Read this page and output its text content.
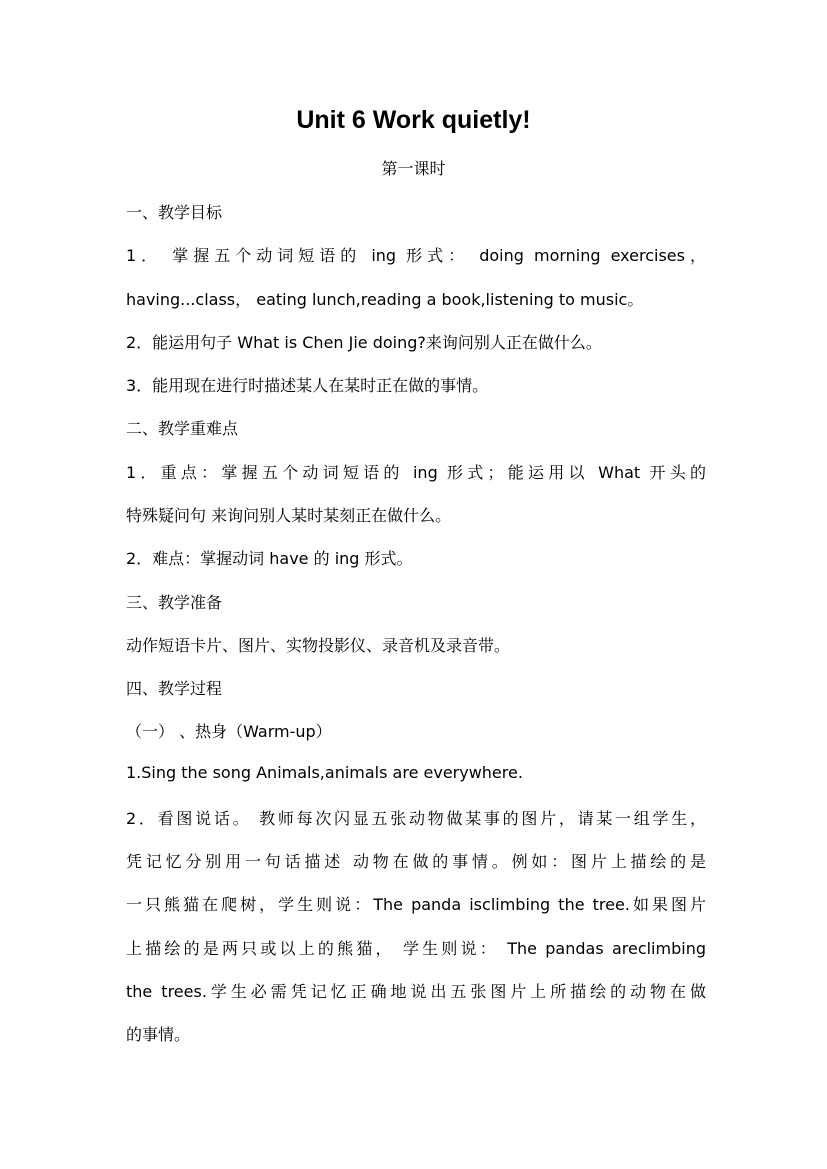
Unit 6 Work quietly!
第一课时
一、教学目标
1． 掌握五个动词短语的 ing 形式： doing morning exercises，
having...class， eating lunch,reading a book,listening to music。
2．能运用句子 What is Chen Jie doing?来询问别人正在做什么。
3．能用现在进行时描述某人在某时正在做的事情。
二、教学重难点
1．重点：掌握五个动词短语的 ing 形式；能运用以 What 开头的
特殊疑问句 来询问别人某时某刻正在做什么。
2．难点：掌握动词 have 的 ing 形式。
三、教学准备
动作短语卡片、图片、实物投影仪、录音机及录音带。
四、教学过程
（一） 、热身（Warm-up）
1.Sing the song Animals,animals are everywhere.
2．看图说话。 教师每次闪显五张动物做某事的图片，请某一组学生，
凭记忆分别用一句话描述 动物在做的事情。例如：图片上描绘的是
一只熊猫在爬树，学生则说：The panda isclimbing the tree.如果图片
上描绘的是两只或以上的熊猫， 学生则说： The pandas areclimbing
the trees.学生必需凭记忆正确地说出五张图片上所描绘的动物在做
的事情。
